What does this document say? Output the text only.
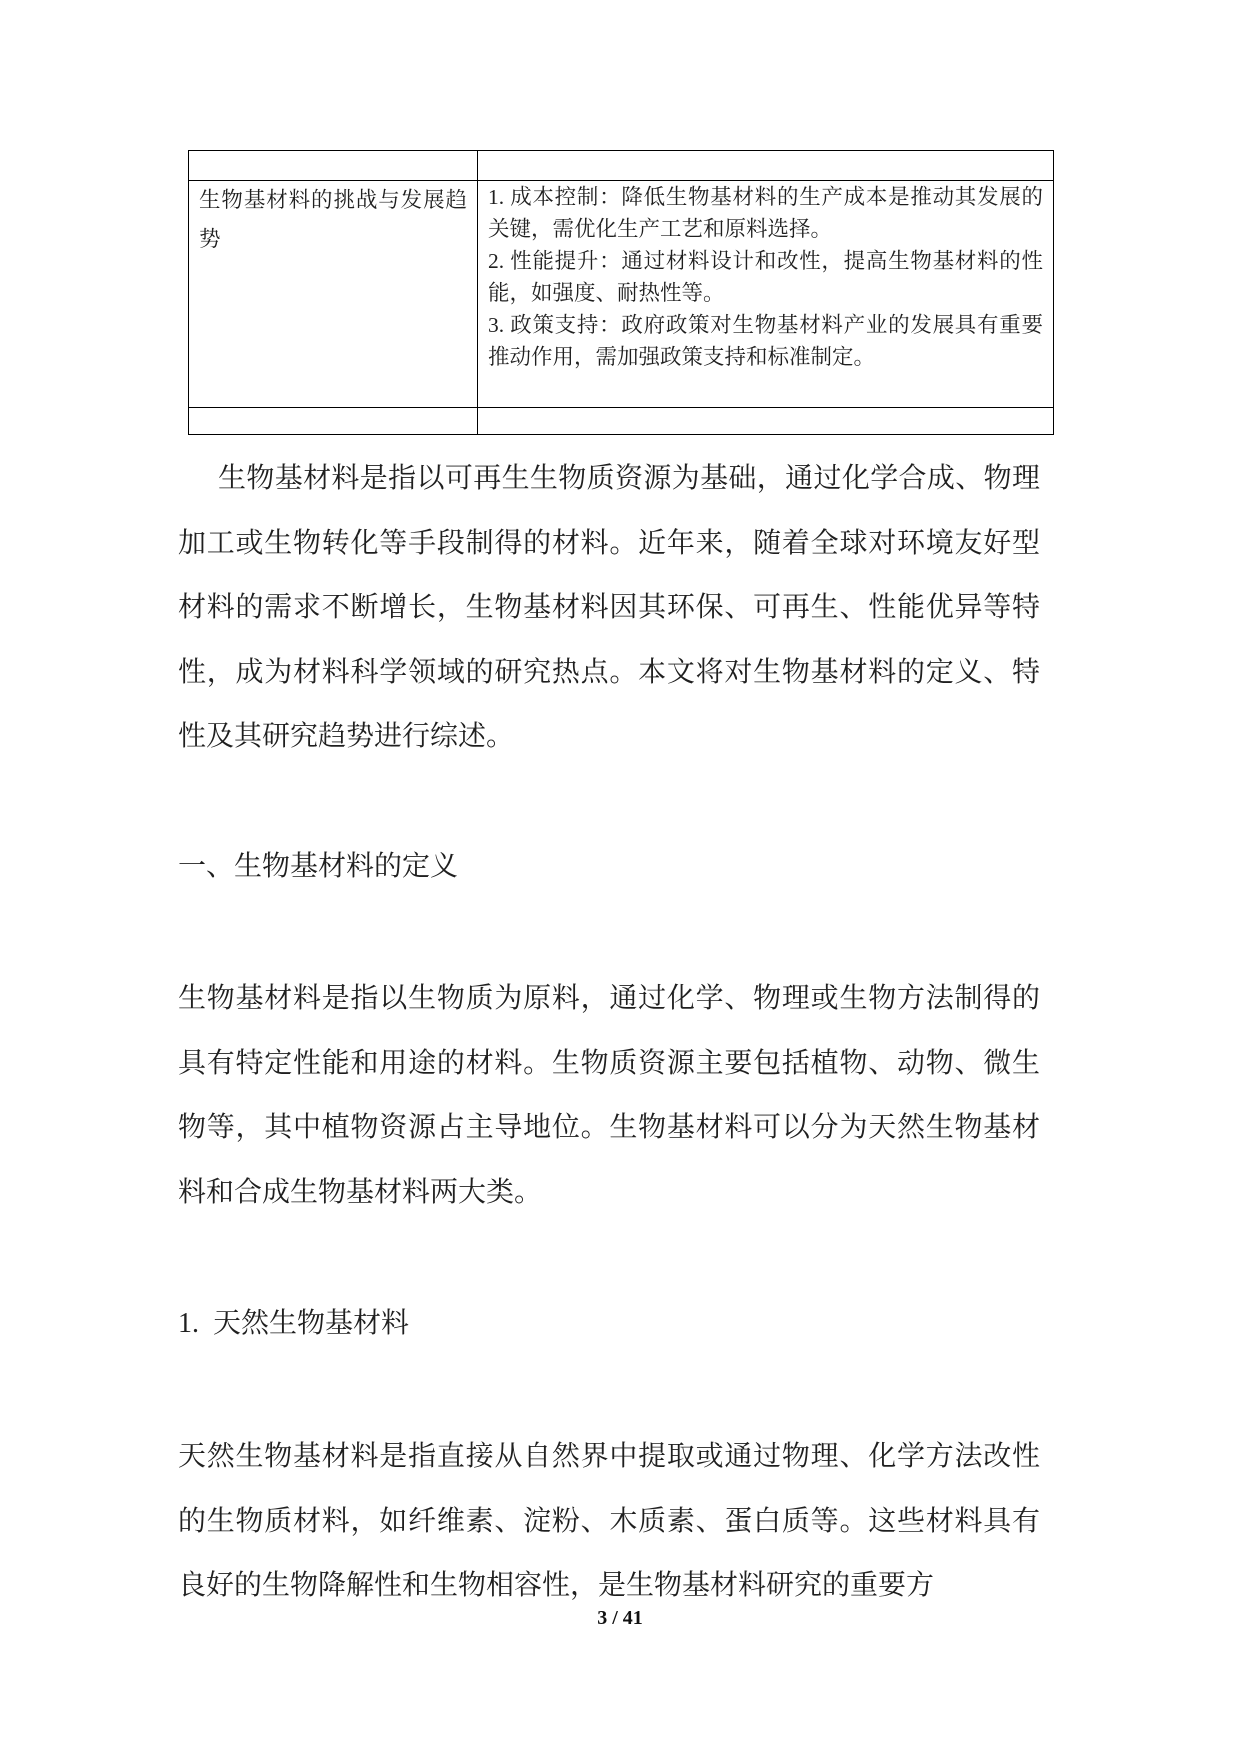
生物基材料的挑战与发展趋势	1. 成本控制：降低生物基材料的生产成本是推动其发展的关键，需优化生产工艺和原料选择。
2. 性能提升：通过材料设计和改性，提高生物基材料的性能，如强度、耐热性等。
3. 政策支持：政府政策对生物基材料产业的发展具有重要推动作用，需加强政策支持和标准制定。

生物基材料是指以可再生生物质资源为基础，通过化学合成、物理加工或生物转化等手段制得的材料。近年来，随着全球对环境友好型材料的需求不断增长，生物基材料因其环保、可再生、性能优异等特性，成为材料科学领域的研究热点。本文将对生物基材料的定义、特性及其研究趋势进行综述。
一、生物基材料的定义
生物基材料是指以生物质为原料，通过化学、物理或生物方法制得的具有特定性能和用途的材料。生物质资源主要包括植物、动物、微生物等，其中植物资源占主导地位。生物基材料可以分为天然生物基材料和合成生物基材料两大类。
1.  天然生物基材料
天然生物基材料是指直接从自然界中提取或通过物理、化学方法改性的生物质材料，如纤维素、淀粉、木质素、蛋白质等。这些材料具有良好的生物降解性和生物相容性，是生物基材料研究的重要方
3 / 41
